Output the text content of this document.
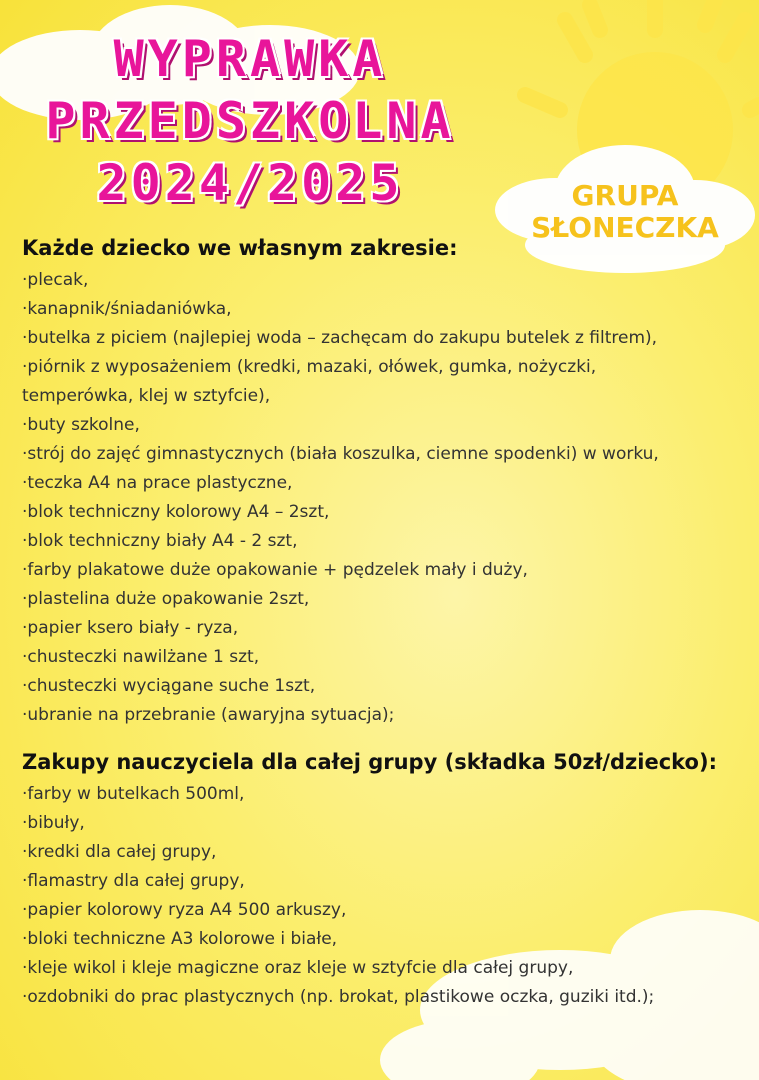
WYPRAWKA
PRZEDSZKOLNA
2024/2025	GRUPA
SŁONECZKA
Każde dziecko we własnym zakresie:
·plecak,
·kanapnik/śniadaniówka,
·butelka z piciem (najlepiej woda – zachęcam do zakupu butelek z filtrem),
·piórnik z wyposażeniem (kredki, mazaki, ołówek, gumka, nożyczki, temperówka, klej w sztyfcie),
·buty szkolne,
·strój do zajęć gimnastycznych (biała koszulka, ciemne spodenki) w worku,
·teczka A4 na prace plastyczne,
·blok techniczny kolorowy A4 – 2szt,
·blok techniczny biały A4 - 2 szt,
·farby plakatowe duże opakowanie + pędzelek mały i duży,
·plastelina duże opakowanie 2szt,
·papier ksero biały - ryza,
·chusteczki nawilżane 1 szt,
·chusteczki wyciągane suche 1szt,
·ubranie na przebranie (awaryjna sytuacja);
Zakupy nauczyciela dla całej grupy (składka 50zł/dziecko):
·farby w butelkach 500ml,
·bibuły,
·kredki dla całej grupy,
·flamastry dla całej grupy,
·papier kolorowy ryza A4 500 arkuszy,
·bloki techniczne A3 kolorowe i białe,
·kleje wikol i kleje magiczne oraz kleje w sztyfcie dla całej grupy,
·ozdobniki do prac plastycznych (np. brokat, plastikowe oczka, guziki itd.);
